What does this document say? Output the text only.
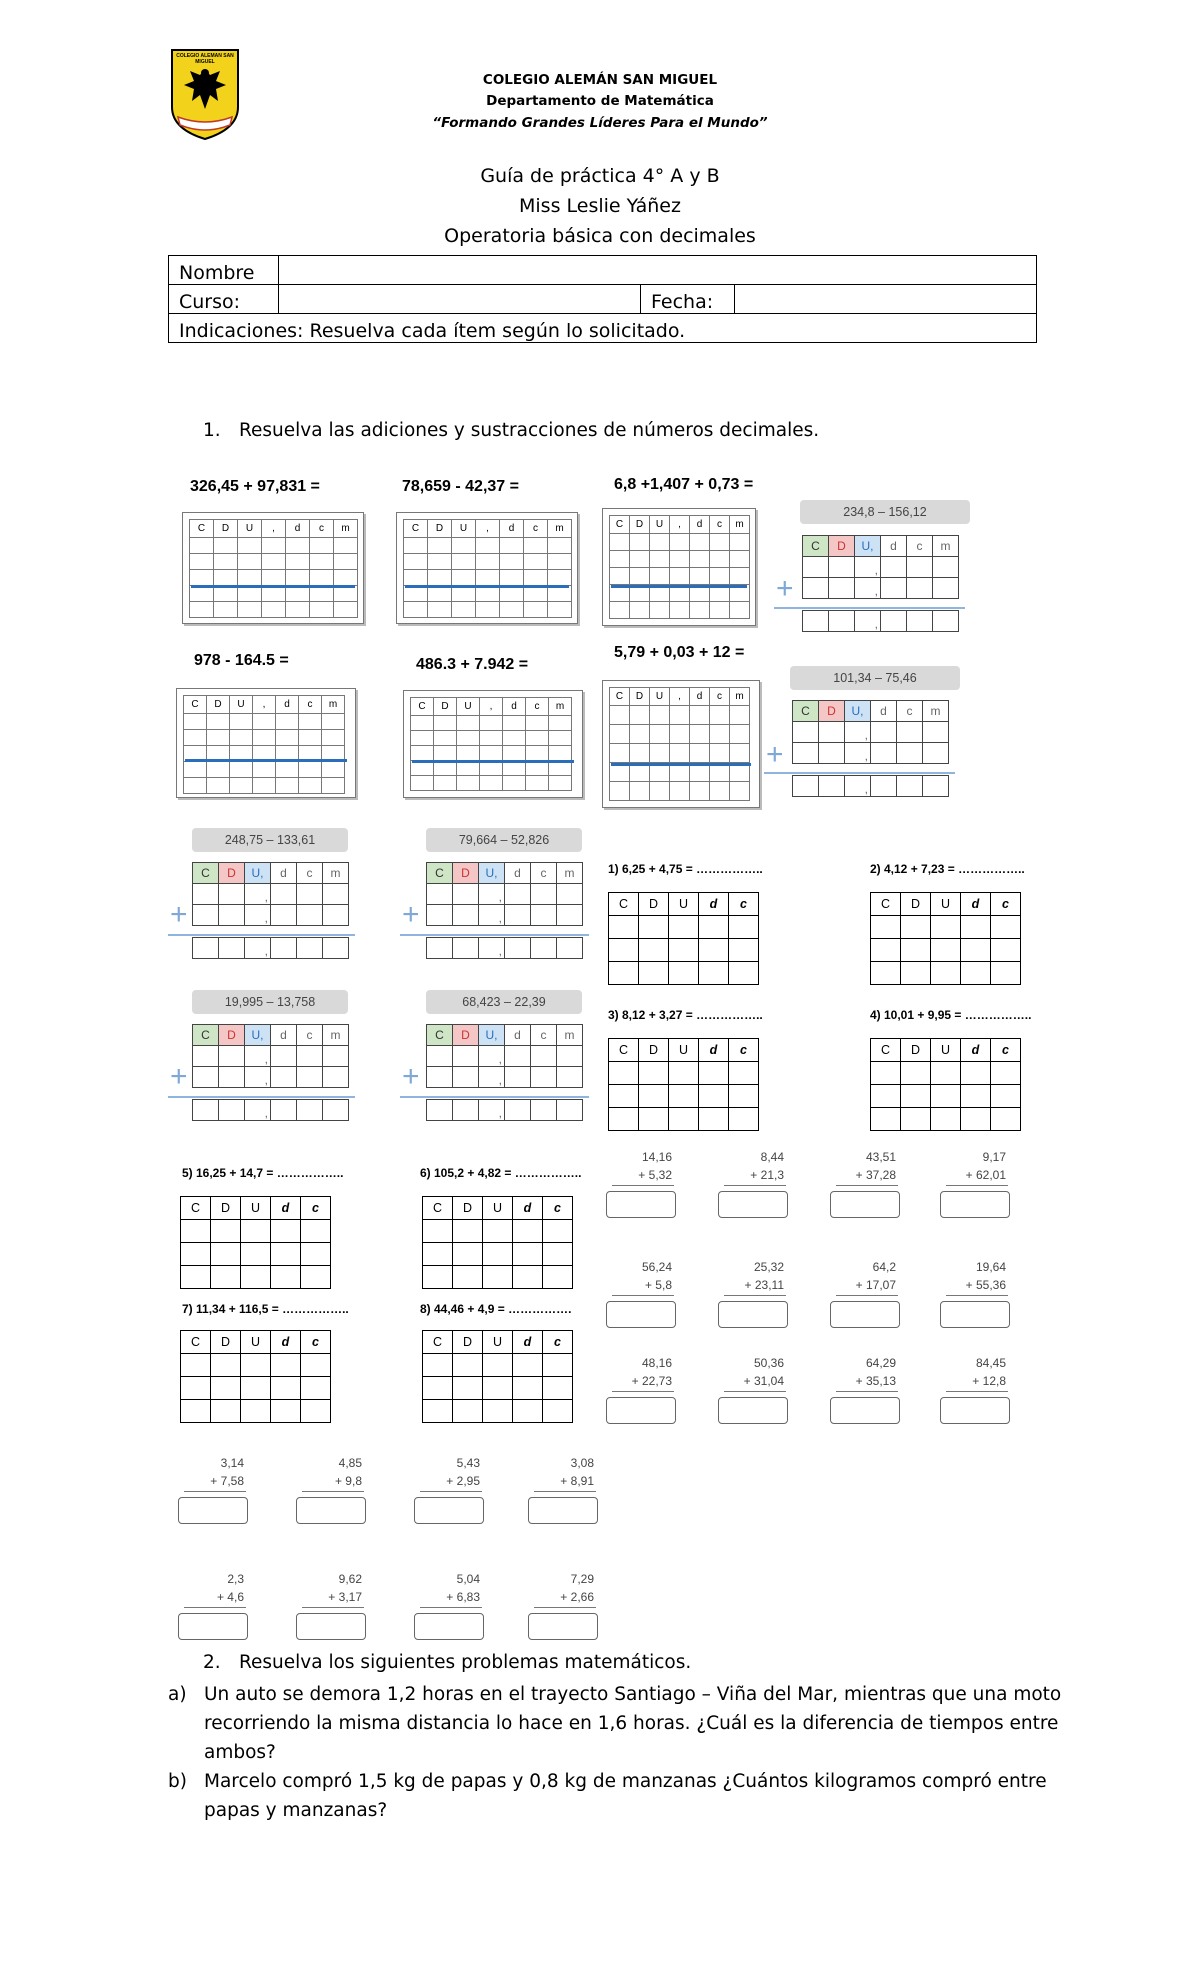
COLEGIO ALEMAN SAN MIGUEL
COLEGIO ALEMÁN SAN MIGUEL
Departamento de Matemática
“Formando Grandes Líderes Para el Mundo”
Guía de práctica 4° A y B
Miss Leslie Yáñez
Operatoria básica con decimales
Nombre			
Curso:		Fecha:	
Indicaciones: Resuelva cada ítem según lo solicitado.			
1. Resuelva las adiciones y sustracciones de números decimales.
326,45 + 97,831 =
C	D	U	,	d	c	m

78,659 - 42,37 =
C	D	U	,	d	c	m

6,8 +1,407 + 0,73 =
C	D	U	,	d	c	m

978 - 164.5 =
C	D	U	,	d	c	m

486.3 + 7.942 =
C	D	U	,	d	c	m

5,79 + 0,03 + 12 =
C	D	U	,	d	c	m

234,8 – 156,12
C	D	U,	d	c	m
		,			
		,			

		,			
+
101,34 – 75,46
C	D	U,	d	c	m
		,			
		,			

		,			
+
248,75 – 133,61
C	D	U,	d	c	m
		,			
		,			

		,			
+
79,664 – 52,826
C	D	U,	d	c	m
		,			
		,			

		,			
+
19,995 – 13,758
C	D	U,	d	c	m
		,			
		,			

		,			
+
68,423 – 22,39
C	D	U,	d	c	m
		,			
		,			

		,			
+
1) 6,25 + 4,75 = ……………..
C	D	U	d	c

2) 4,12 + 7,23 = ……………..
C	D	U	d	c

3) 8,12 + 3,27 = ……………..
C	D	U	d	c

4) 10,01 + 9,95 = ……………..
C	D	U	d	c

5) 16,25 + 14,7 = ……………..
C	D	U	d	c

6) 105,2 + 4,82 = ……………..
C	D	U	d	c

7) 11,34 + 116,5 = ……………..
C	D	U	d	c

8) 44,46 + 4,9 = …………….
C	D	U	d	c

14,16
+ 5,32
8,44
+ 21,3
43,51
+ 37,28
9,17
+ 62,01
56,24
+ 5,8
25,32
+ 23,11
64,2
+ 17,07
19,64
+ 55,36
48,16
+ 22,73
50,36
+ 31,04
64,29
+ 35,13
84,45
+ 12,8
3,14
+ 7,58
4,85
+ 9,8
5,43
+ 2,95
3,08
+ 8,91
2,3
+ 4,6
9,62
+ 3,17
5,04
+ 6,83
7,29
+ 2,66
2. Resuelva los siguientes problemas matemáticos.
a) Un auto se demora 1,2 horas en el trayecto Santiago – Viña del Mar, mientras que una moto recorriendo la misma distancia lo hace en 1,6 horas. ¿Cuál es la diferencia de tiempos entre ambos?
b) Marcelo compró 1,5 kg de papas y 0,8 kg de manzanas ¿Cuántos kilogramos compró entre papas y manzanas?
